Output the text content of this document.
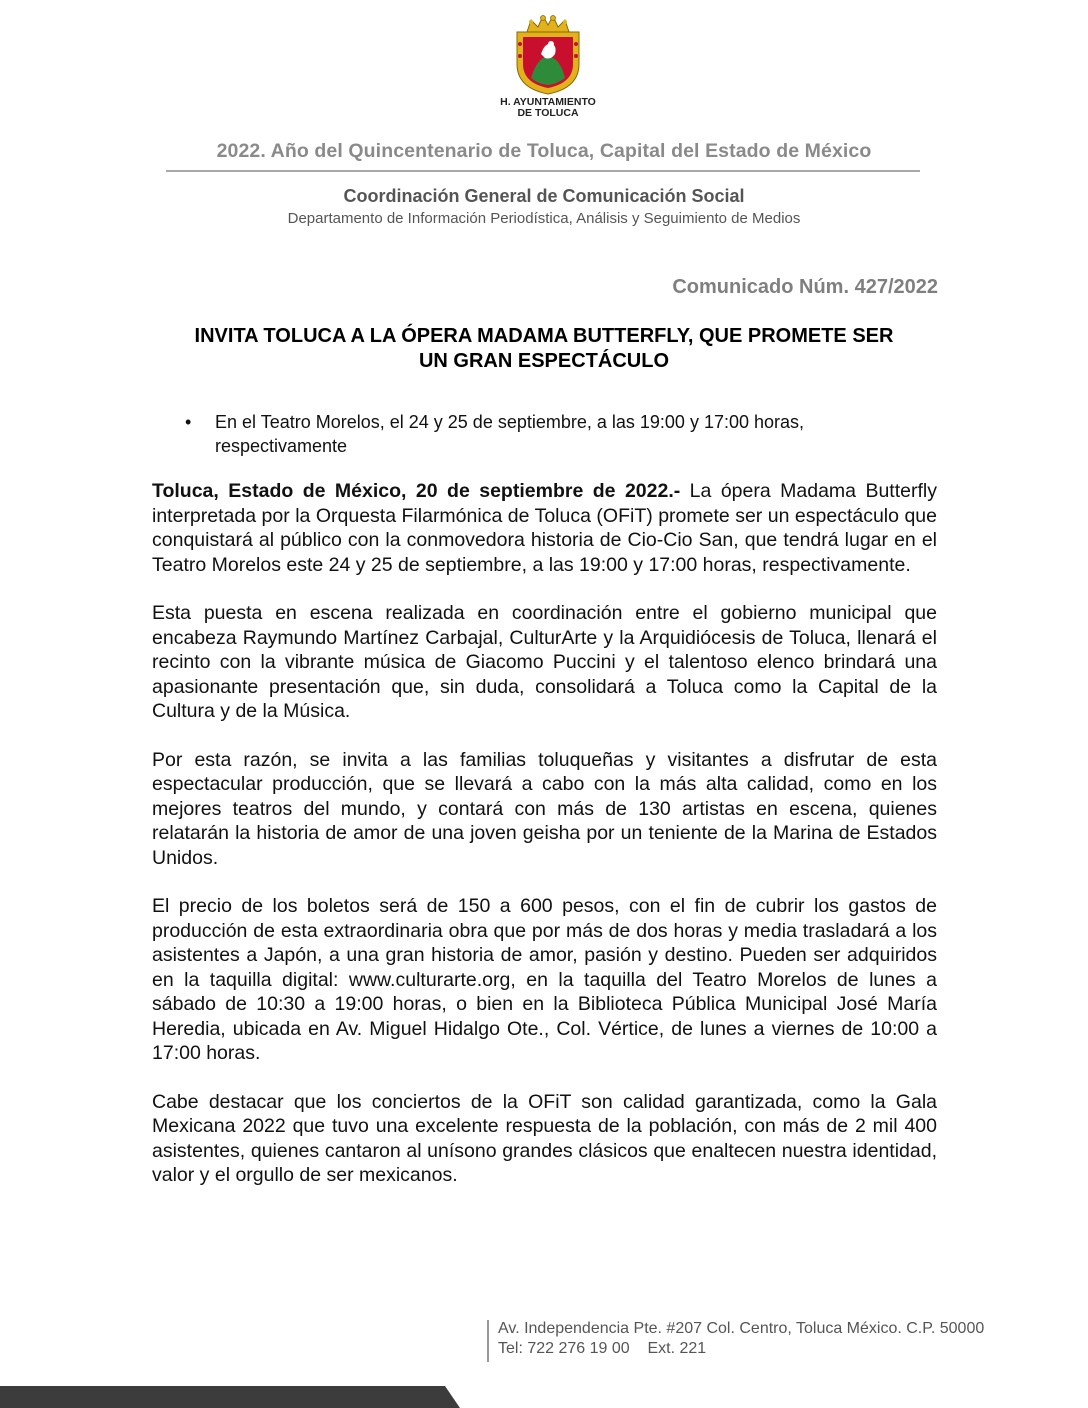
H. AYUNTAMIENTO
DE TOLUCA
2022. Año del Quincentenario de Toluca, Capital del Estado de México
Coordinación General de Comunicación Social
Departamento de Información Periodística, Análisis y Seguimiento de Medios
Comunicado Núm. 427/2022
INVITA TOLUCA A LA ÓPERA MADAMA BUTTERFLY, QUE PROMETE SER
UN GRAN ESPECTÁCULO
• En el Teatro Morelos, el 24 y 25 de septiembre, a las 19:00 y 17:00 horas, respectivamente

Toluca, Estado de México, 20 de septiembre de 2022.- La ópera Madama Butterfly interpretada por la Orquesta Filarmónica de Toluca (OFiT) promete ser un espectáculo que conquistará al público con la conmovedora historia de Cio-Cio San, que tendrá lugar en el Teatro Morelos este 24 y 25 de septiembre, a las 19:00 y 17:00 horas, respectivamente.

Esta puesta en escena realizada en coordinación entre el gobierno municipal que encabeza Raymundo Martínez Carbajal, CulturArte y la Arquidiócesis de Toluca, llenará el recinto con la vibrante música de Giacomo Puccini y el talentoso elenco brindará una apasionante presentación que, sin duda, consolidará a Toluca como la Capital de la Cultura y de la Música.

Por esta razón, se invita a las familias toluqueñas y visitantes a disfrutar de esta espectacular producción, que se llevará a cabo con la más alta calidad, como en los mejores teatros del mundo, y contará con más de 130 artistas en escena, quienes relatarán la historia de amor de una joven geisha por un teniente de la Marina de Estados Unidos.

El precio de los boletos será de 150 a 600 pesos, con el fin de cubrir los gastos de producción de esta extraordinaria obra que por más de dos horas y media trasladará a los asistentes a Japón, a una gran historia de amor, pasión y destino. Pueden ser adquiridos en la taquilla digital: www.culturarte.org, en la taquilla del Teatro Morelos de lunes a sábado de 10:30 a 19:00 horas, o bien en la Biblioteca Pública Municipal José María Heredia, ubicada en Av. Miguel Hidalgo Ote., Col. Vértice, de lunes a viernes de 10:00 a 17:00 horas.

Cabe destacar que los conciertos de la OFiT son calidad garantizada, como la Gala Mexicana 2022 que tuvo una excelente respuesta de la población, con más de 2 mil 400 asistentes, quienes cantaron al unísono grandes clásicos que enaltecen nuestra identidad, valor y el orgullo de ser mexicanos.

Av. Independencia Pte. #207 Col. Centro, Toluca México. C.P. 50000
Tel: 722 276 19 00    Ext. 221
